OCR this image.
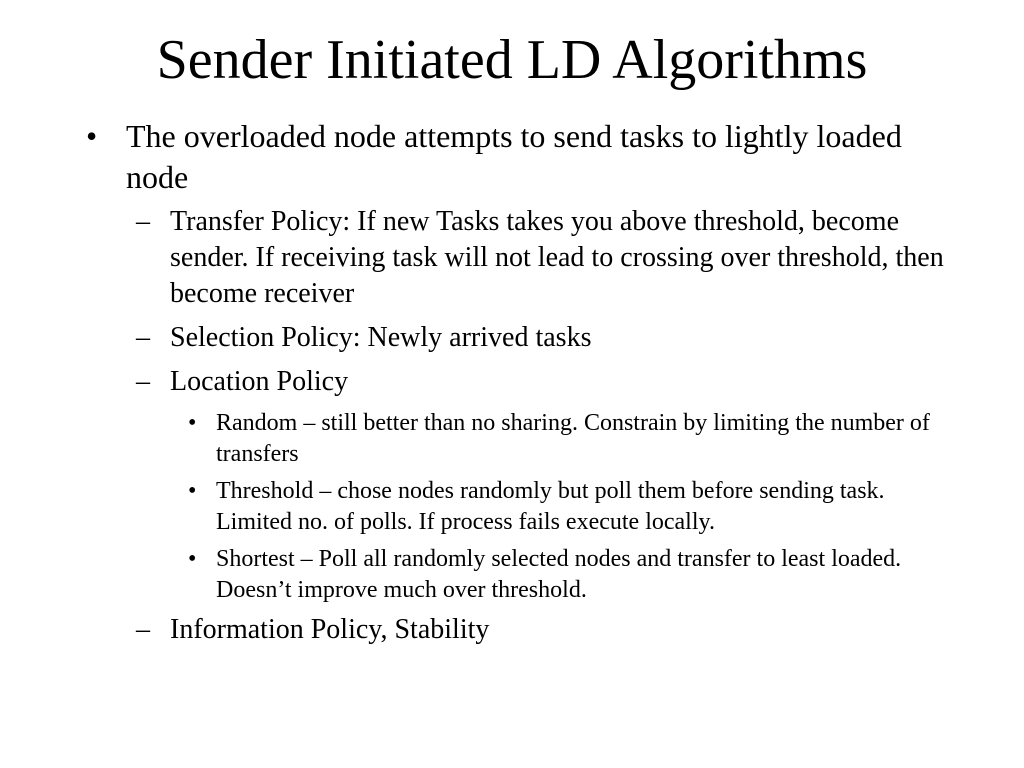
Sender Initiated LD Algorithms
• The overloaded node attempts to send tasks to lightly loaded node
– Transfer Policy: If new Tasks takes you above threshold, become sender. If receiving task will not lead to crossing over threshold, then become receiver
– Selection Policy: Newly arrived tasks
– Location Policy
• Random – still better than no sharing. Constrain by limiting the number of transfers
• Threshold – chose nodes randomly but poll them before sending task. Limited no. of polls. If process fails execute locally.
• Shortest – Poll all randomly selected nodes and transfer to least loaded. Doesn’t improve much over threshold.
– Information Policy, Stability
